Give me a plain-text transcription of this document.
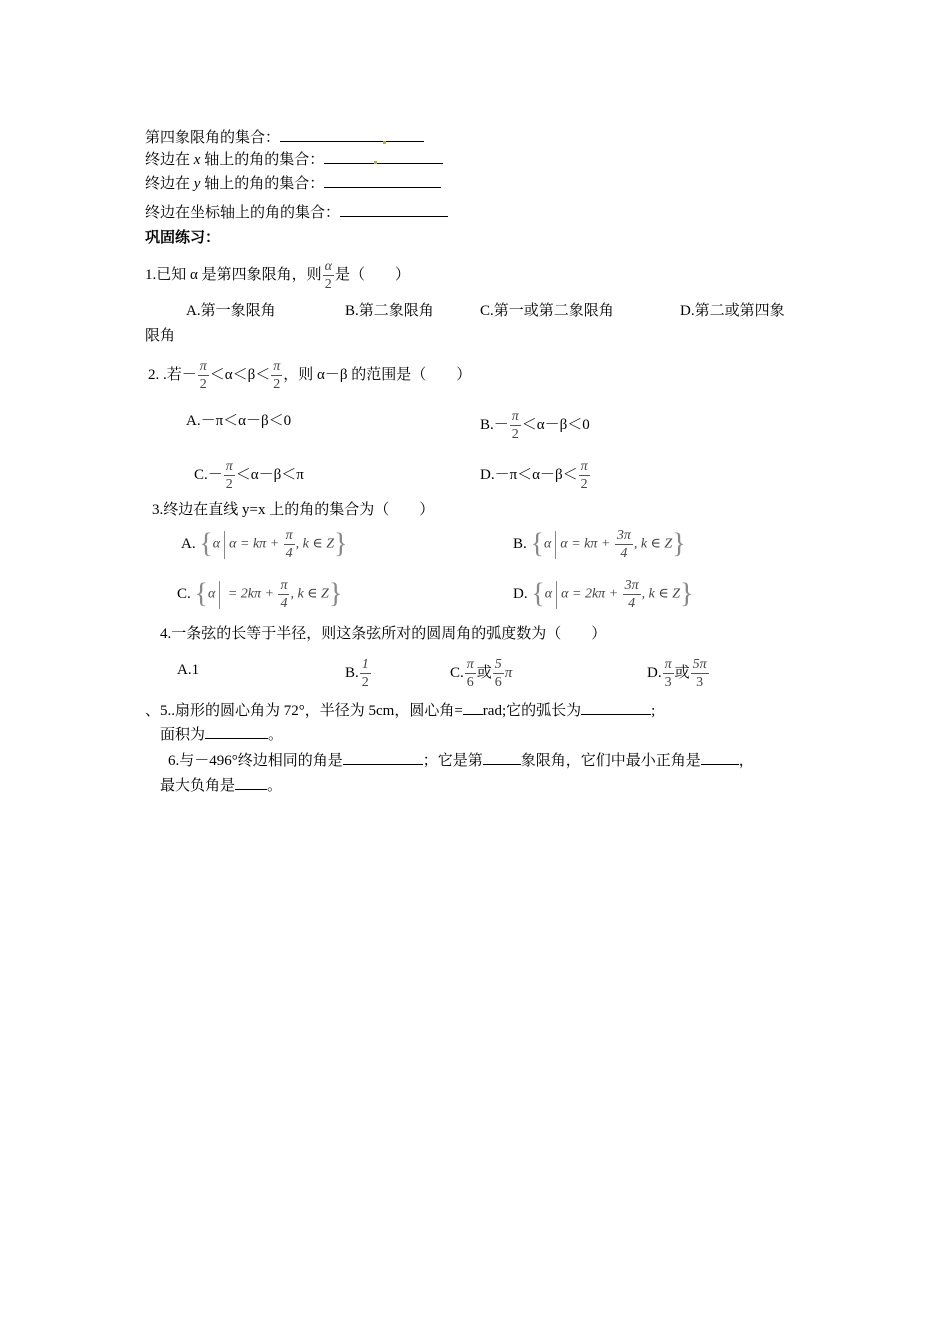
第四象限角的集合：
终边在 x 轴上的角的集合：
终边在 y 轴上的角的集合：
终边在坐标轴上的角的集合：
巩固练习：
1.已知 α 是第四象限角，则 $\frac{\alpha}{2}$ 是（　　）
A.第一象限角	B.第二象限角	C.第一或第二象限角	D.第二或第四象
限角
2. .若－ $\frac{\pi}{2} <\alpha<\beta< \frac{\pi}{2}$ ，则 α－β 的范围是（　　）
A.－π＜α－β＜0	$B.- \frac{\pi}{2} <\alpha-\beta<0$
$C.- \frac{\pi}{2} <\alpha-\beta<\pi$	$D.-\pi<\alpha-\beta< \frac{\pi}{2}$
3.终边在直线 y=x 上的角的集合为（　　）
A. {α $\alpha = k\pi + \frac{\pi}{4}$ , k ∈ Z}	B. {α $\alpha = k\pi + \frac{3\pi}{4}$ , k ∈ Z}
C. {$\alpha = 2k\pi + \frac{\pi}{4}$ , k ∈ Z}	D. {α $\alpha = 2k\pi + \frac{3\pi}{4}$ , k ∈ Z}
4.一条弦的长等于半径，则这条弦所对的圆周角的弧度数为（　　）
A.1	B. $\frac{1}{2}$	C. $\frac{\pi}{6}$ 或 $\frac{5}{6}$ π	D. $\frac{\pi}{3}$ 或 $\frac{5\pi}{3}$
、5..扇形的圆心角为 72°，半径为 5cm，圆心角= rad;它的弧长为	;
面积为	。
6.与－496°终边相同的角是	；它是第	象限角，它们中最小正角是	，
最大负角是 。
